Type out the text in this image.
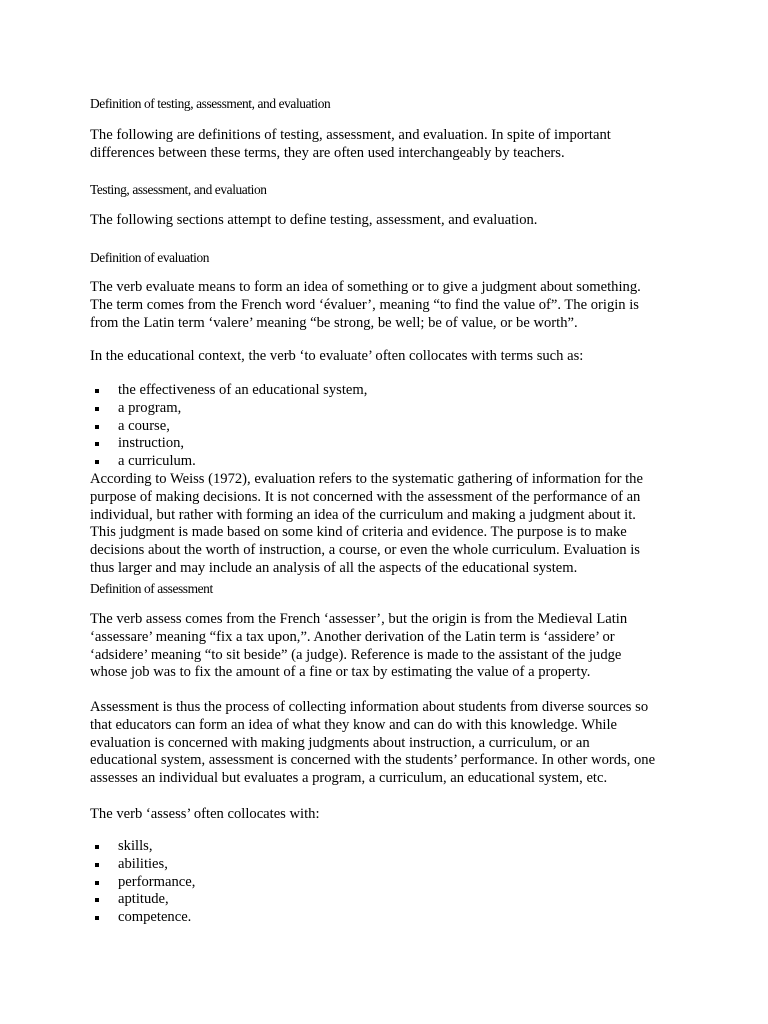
Definition of testing, assessment, and evaluation

The following are definitions of testing, assessment, and evaluation. In spite of important
differences between these terms, they are often used interchangeably by teachers.

Testing, assessment, and evaluation

The following sections attempt to define testing, assessment, and evaluation.

Definition of evaluation

The verb evaluate means to form an idea of something or to give a judgment about something.
The term comes from the French word ‘évaluer’, meaning “to find the value of”. The origin is
from the Latin term ‘valere’ meaning “be strong, be well; be of value, or be worth”.

In the educational context, the verb ‘to evaluate’ often collocates with terms such as:

the effectiveness of an educational system,
a program,
a course,
instruction,
a curriculum.

According to Weiss (1972), evaluation refers to the systematic gathering of information for the
purpose of making decisions. It is not concerned with the assessment of the performance of an
individual, but rather with forming an idea of the curriculum and making a judgment about it.
This judgment is made based on some kind of criteria and evidence. The purpose is to make
decisions about the worth of instruction, a course, or even the whole curriculum. Evaluation is
thus larger and may include an analysis of all the aspects of the educational system.

Definition of assessment

The verb assess comes from the French ‘assesser’, but the origin is from the Medieval Latin
‘assessare’ meaning “fix a tax upon,”. Another derivation of the Latin term is ‘assidere’ or
‘adsidere’ meaning “to sit beside” (a judge). Reference is made to the assistant of the judge
whose job was to fix the amount of a fine or tax by estimating the value of a property.

Assessment is thus the process of collecting information about students from diverse sources so
that educators can form an idea of what they know and can do with this knowledge. While
evaluation is concerned with making judgments about instruction, a curriculum, or an
educational system, assessment is concerned with the students’ performance. In other words, one
assesses an individual but evaluates a program, a curriculum, an educational system, etc.

The verb ‘assess’ often collocates with:

skills,
abilities,
performance,
aptitude,
competence.
